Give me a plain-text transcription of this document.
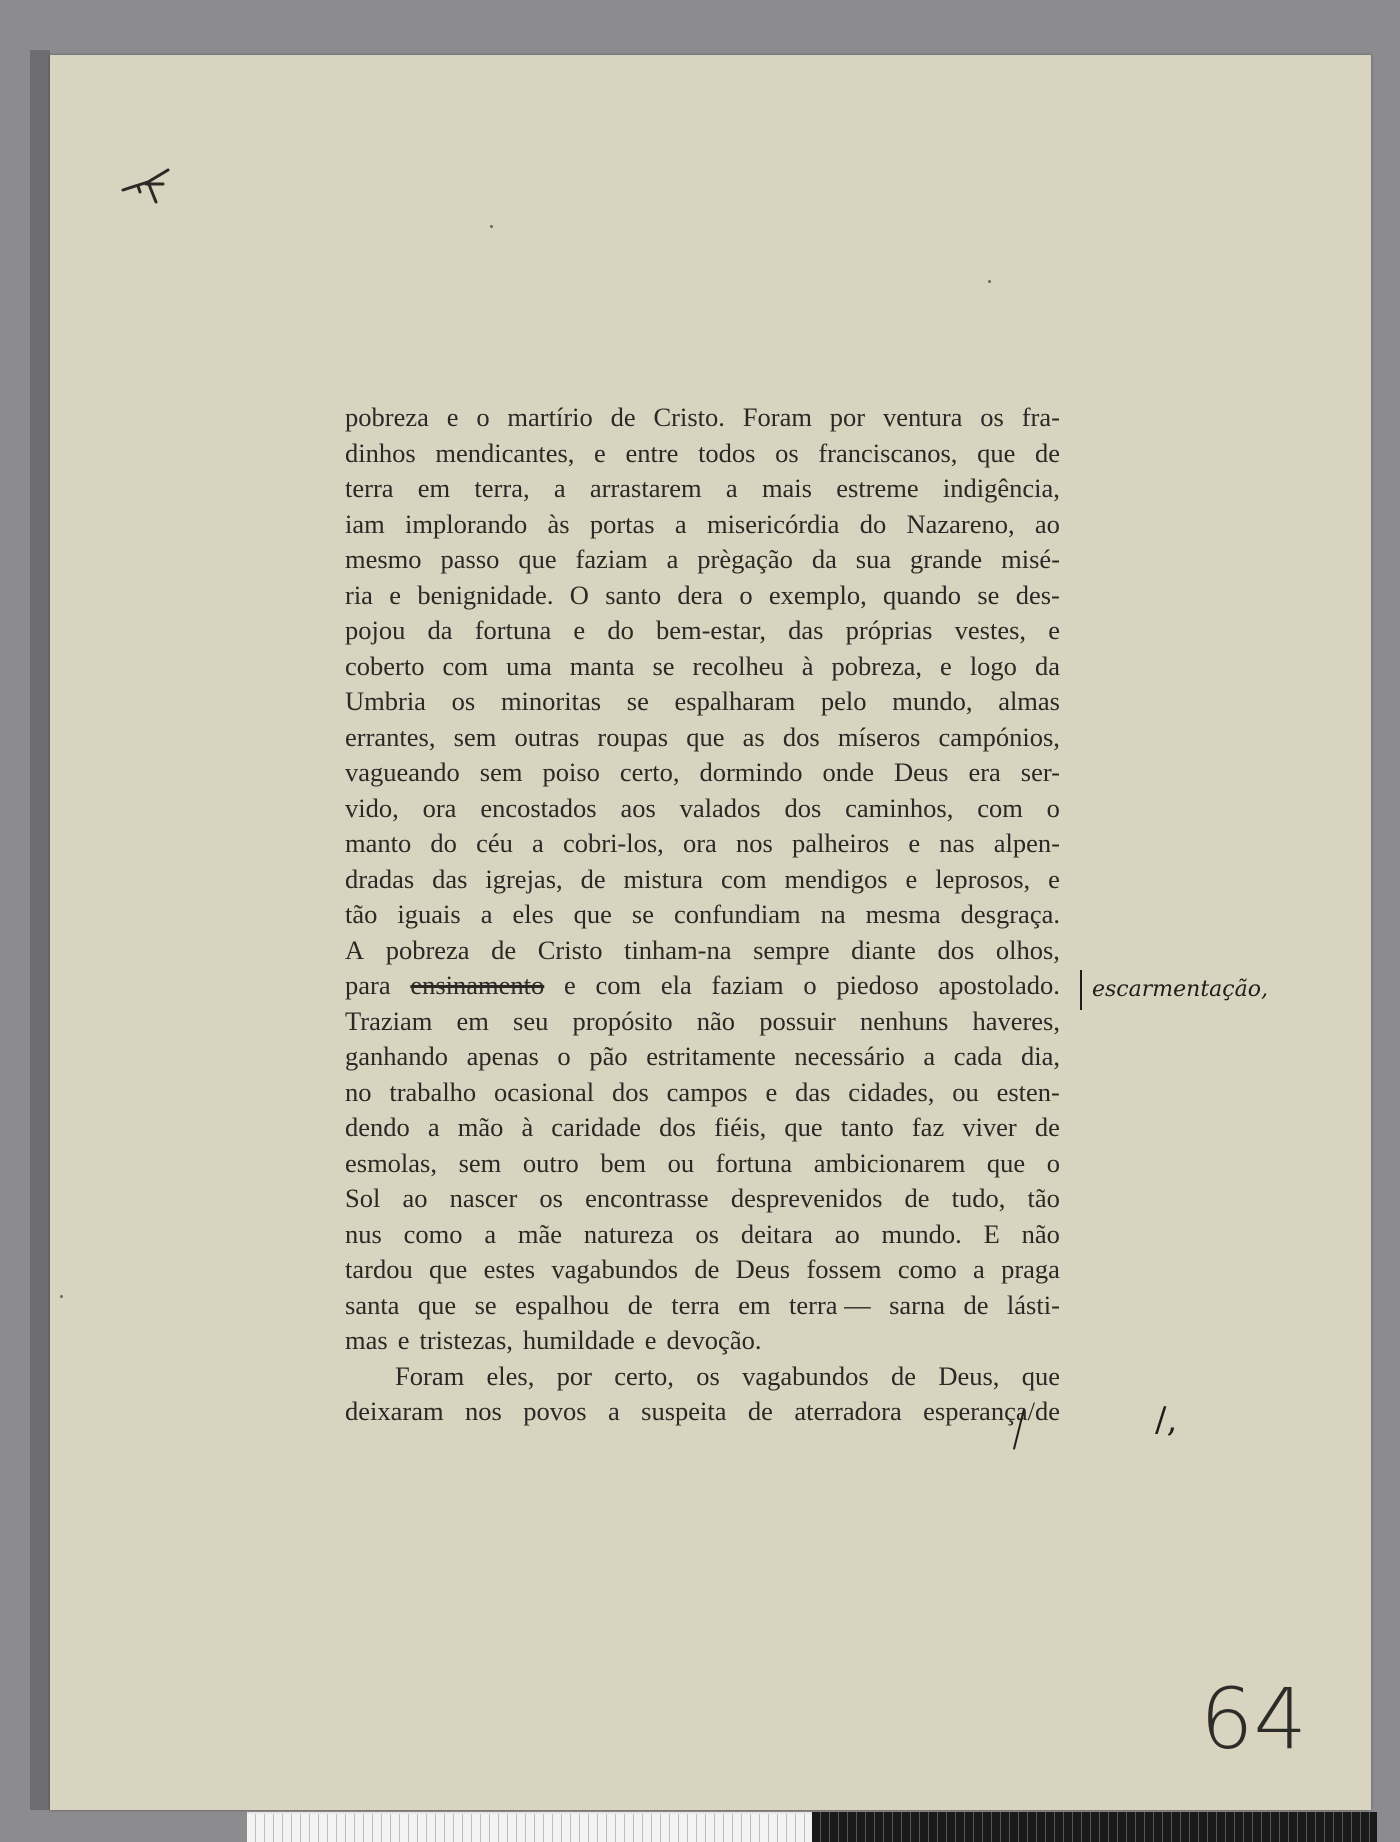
pobreza e o martírio de Cristo. Foram por ventura os fra-
dinhos mendicantes, e entre todos os franciscanos, que de
terra em terra, a arrastarem a mais estreme indigência,
iam implorando às portas a misericórdia do Nazareno, ao
mesmo passo que faziam a prègação da sua grande misé-
ria e benignidade. O santo dera o exemplo, quando se des-
pojou da fortuna e do bem-estar, das próprias vestes, e
coberto com uma manta se recolheu à pobreza, e logo da
Umbria os minoritas se espalharam pelo mundo, almas
errantes, sem outras roupas que as dos míseros campónios,
vagueando sem poiso certo, dormindo onde Deus era ser-
vido, ora encostados aos valados dos caminhos, com o
manto do céu a cobri-los, ora nos palheiros e nas alpen-
dradas das igrejas, de mistura com mendigos e leprosos, e
tão iguais a eles que se confundiam na mesma desgraça.
A pobreza de Cristo tinham-na sempre diante dos olhos,
para ensinamento e com ela faziam o piedoso apostolado.
Traziam em seu propósito não possuir nenhuns haveres,
ganhando apenas o pão estritamente necessário a cada dia,
no trabalho ocasional dos campos e das cidades, ou esten-
dendo a mão à caridade dos fiéis, que tanto faz viver de
esmolas, sem outro bem ou fortuna ambicionarem que o
Sol ao nascer os encontrasse desprevenidos de tudo, tão
nus como a mãe natureza os deitara ao mundo. E não
tardou que estes vagabundos de Deus fossem como a praga
santa que se espalhou de terra em terra — sarna de lásti-
mas e tristezas, humildade e devoção.
Foram eles, por certo, os vagabundos de Deus, que
deixaram nos povos a suspeita de aterradora esperança/de
escarmentação,
/,
64
